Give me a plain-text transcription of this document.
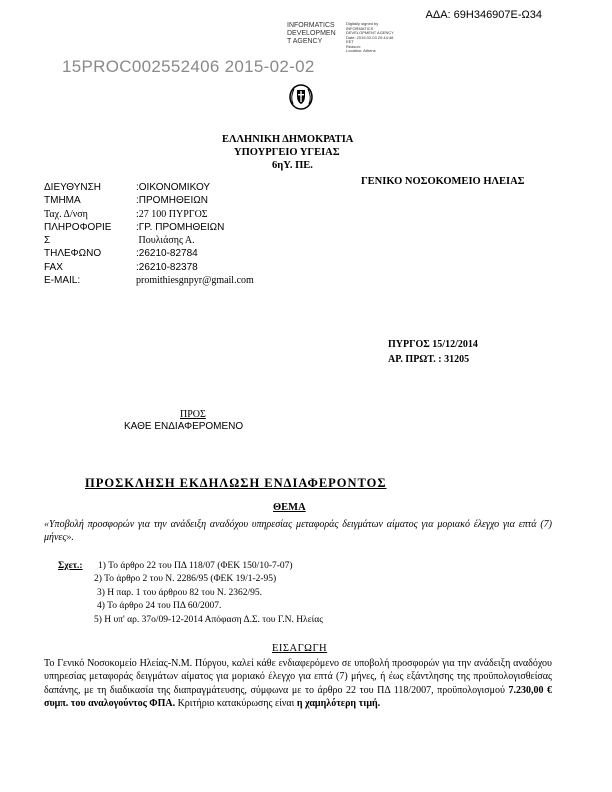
ΑΔΑ: 69Η346907Ε-Ω34
INFORMATICS
DEVELOPMEN
T AGENCY
Digitally signed by
INFORMATICS
DEVELOPMENT AGENCY
Date: 2015.02.03 20:44:48
EET
Reason:
Location: Athens
15PROC002552406 2015-02-02
ΕΛΛΗΝΙΚΗ ΔΗΜΟΚΡΑΤΙΑ
ΥΠΟΥΡΓΕΙΟ ΥΓΕΙΑΣ
6ηΥ. ΠΕ.
ΓΕΝΙΚΟ ΝΟΣΟΚΟΜΕΙΟ ΗΛΕΙΑΣ
ΔΙΕΥΘΥΝΣΗ	:ΟΙΚΟΝΟΜΙΚΟΥ
ΤΜΗΜΑ	:ΠΡΟΜΗΘΕΙΩΝ
Ταχ. Δ/νση	:27 100 ΠΥΡΓΟΣ
ΠΛΗΡΟΦΟΡΙΕ	:ΓΡ. ΠΡΟΜΗΘΕΙΩΝ
Σ	Πουλιάσης Α.
ΤΗΛΕΦΩΝΟ	:26210-82784
FAX	:26210-82378
E-MAIL:	promithiesgnpyr@gmail.com
ΠΥΡΓΟΣ 15/12/2014
ΑΡ. ΠΡΩΤ. : 31205
ΠΡΟΣ
ΚΑΘΕ ΕΝΔΙΑΦΕΡΟΜΕΝΟ
ΠΡΟΣΚΛΗΣΗ ΕΚΔΗΛΩΣΗ ΕΝΔΙΑΦΕΡΟΝΤΟΣ
ΘΕΜΑ
«Υποβολή προσφορών για την ανάδειξη αναδόχου υπηρεσίας μεταφοράς δειγμάτων αίματος για μοριακό έλεγχο για επτά (7) μήνες».
Σχετ.: 1) Το άρθρο 22 του ΠΔ 118/07 (ΦΕΚ 150/10-7-07)
2) Το άρθρο 2 του Ν. 2286/95 (ΦΕΚ 19/1-2-95)
3) Η παρ. 1 του άρθρου 82 του Ν. 2362/95.
4) Το άρθρο 24 του ΠΔ 60/2007.
5) Η υπ' αρ. 37ο/09-12-2014 Απόφαση Δ.Σ. του Γ.Ν. Ηλείας
ΕΙΣΑΓΩΓΗ
Το Γενικό Νοσοκομείο Ηλείας-Ν.Μ. Πύργου, καλεί κάθε ενδιαφερόμενο σε υποβολή προσφορών για την ανάδειξη αναδόχου υπηρεσίας μεταφοράς δειγμάτων αίματος για μοριακό έλεγχο για επτά (7) μήνες, ή έως εξάντλησης της προϋπολογισθείσας δαπάνης, με τη διαδικασία της διαπραγμάτευσης, σύμφωνα με το άρθρο 22 του ΠΔ 118/2007, προϋπολογισμού 7.230,00 € συμπ. του αναλογούντος ΦΠΑ. Κριτήριο κατακύρωσης είναι η χαμηλότερη τιμή.
